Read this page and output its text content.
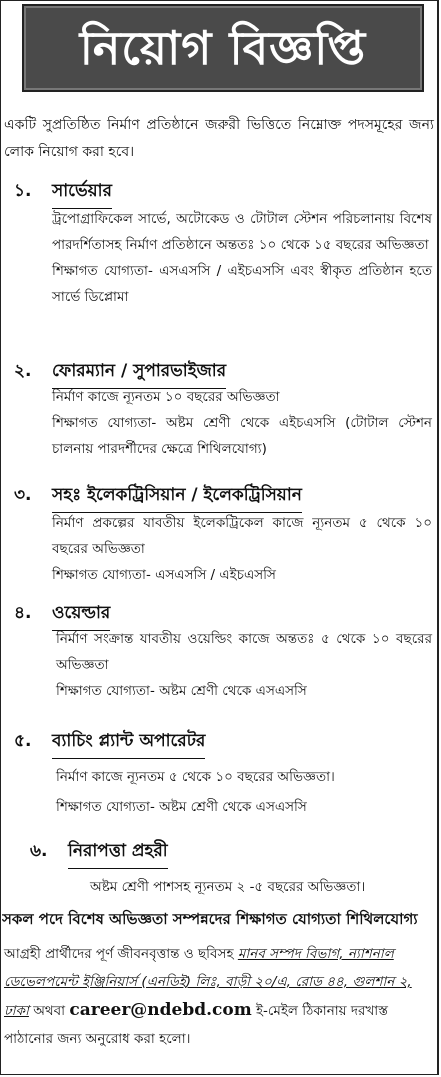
নিয়োগ বিজ্ঞপ্তি
একটি সুপ্রতিষ্ঠিত নির্মাণ প্রতিষ্ঠানে জরুরী ভিত্তিতে নিম্নোক্ত পদসমূহের জন্য লোক নিয়োগ করা হবে।
১.	সার্ভেয়ার

ট্রপোগ্রাফিকেল সার্ভে, অটোকেড ও টোটাল স্টেশন পরিচলানায় বিশেষ পারদর্শিতাসহ নির্মাণ প্রতিষ্ঠানে অন্ততঃ ১০ থেকে ১৫ বছরের অভিজ্ঞতা

শিক্ষাগত যোগ্যতা- এসএসসি / এইচএসসি এবং স্বীকৃত প্রতিষ্ঠান হতে সার্ভে ডিপ্লোমা

২.	ফোরম্যান / সুপারভাইজার

নির্মাণ কাজে ন্যূনতম ১০ বছরের অভিজ্ঞতা

শিক্ষাগত যোগ্যতা- অষ্টম শ্রেণী থেকে এইচএসসি (টোটাল স্টেশন চালনায় পারদর্শীদের ক্ষেত্রে শিথিলযোগ্য)

৩.	সহঃ ইলেকট্রিসিয়ান / ইলেকট্রিসিয়ান

নির্মাণ প্রকল্পের যাবতীয় ইলেকট্রিকেল কাজে ন্যূনতম ৫ থেকে ১০ বছরের অভিজ্ঞতা

শিক্ষাগত যোগ্যতা- এসএসসি / এইচএসসি

৪.	ওয়েল্ডার

নির্মাণ সংক্রান্ত যাবতীয় ওয়েল্ডিং কাজে অন্ততঃ ৫ থেকে ১০ বছরের অভিজ্ঞতা

শিক্ষাগত যোগ্যতা- অষ্টম শ্রেণী থেকে এসএসসি

৫.	ব্যাচিং প্ল্যান্ট অপারেটর

নির্মাণ কাজে ন্যূনতম ৫ থেকে ১০ বছরের অভিজ্ঞতা।

শিক্ষাগত যোগ্যতা- অষ্টম শ্রেণী থেকে এসএসসি

৬.	নিরাপত্তা প্রহরী

অষ্টম শ্রেণী পাশসহ ন্যূনতম ২ -৫ বছরের অভিজ্ঞতা।

সকল পদে বিশেষ অভিজ্ঞতা সম্পন্নদের শিক্ষাগত যোগ্যতা শিথিলযোগ্য
আগ্রহী প্রার্থীদের পূর্ণ জীবনবৃত্তান্ত ও ছবিসহ মানব সম্পদ বিভাগ, ন্যাশনাল ডেভেলপমেন্ট ইঞ্জিনিয়ার্স (এনডিই) লিঃ, বাড়ী ২০/এ, রোড ৪৪, গুলশান ২, ঢাকা অথবা career@ndebd.com ই-মেইল ঠিকানায় দরখাস্ত পাঠানোর জন্য অনুরোধ করা হলো।
